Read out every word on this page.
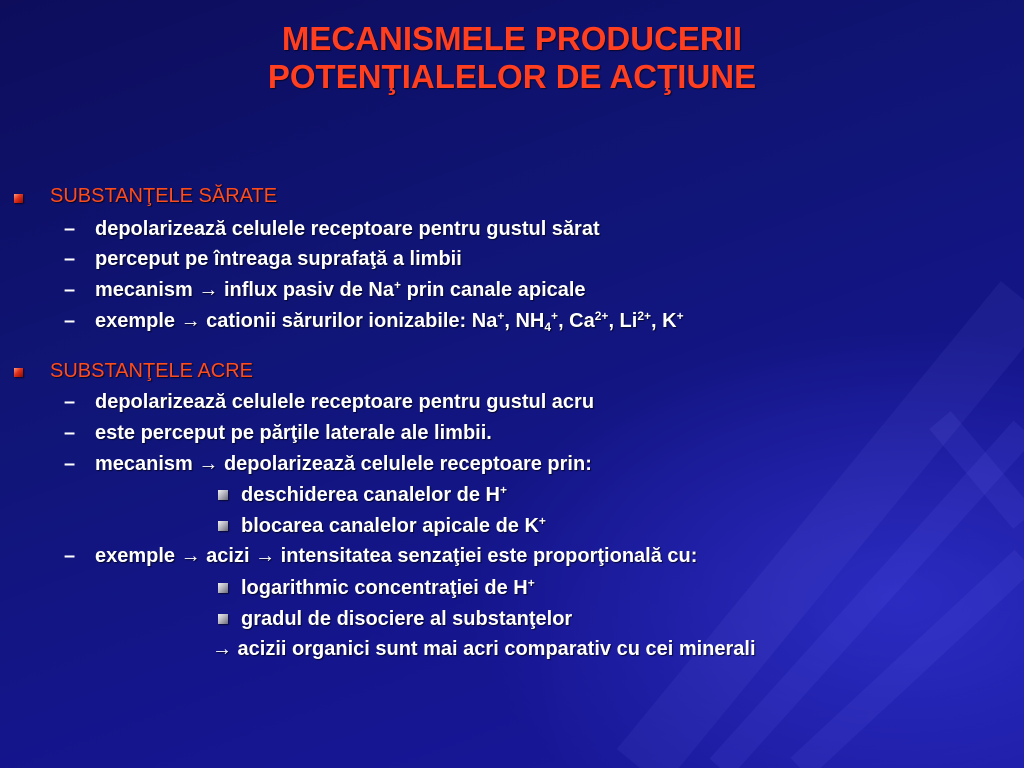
MECANISMELE PRODUCERII
POTENŢIALELOR DE ACŢIUNE
SUBSTANŢELE SĂRATE
– depolarizează celulele receptoare pentru gustul sărat
– perceput pe întreaga suprafaţă a limbii
– mecanism → influx pasiv de Na+ prin canale apicale
– exemple → cationii sărurilor ionizabile: Na+, $NH_4^+$, $Ca^{2+}$, $Li^{2+}$, K+
SUBSTANŢELE ACRE
– depolarizează celulele receptoare pentru gustul acru
– este perceput pe părţile laterale ale limbii.
– mecanism → depolarizează celulele receptoare prin:
deschiderea canalelor de H+
blocarea canalelor apicale de K+
– exemple → acizi → intensitatea senzaţiei este proporţională cu:
logarithmic concentraţiei de H+
gradul de disociere al substanţelor
→ acizii organici sunt mai acri comparativ cu cei minerali
